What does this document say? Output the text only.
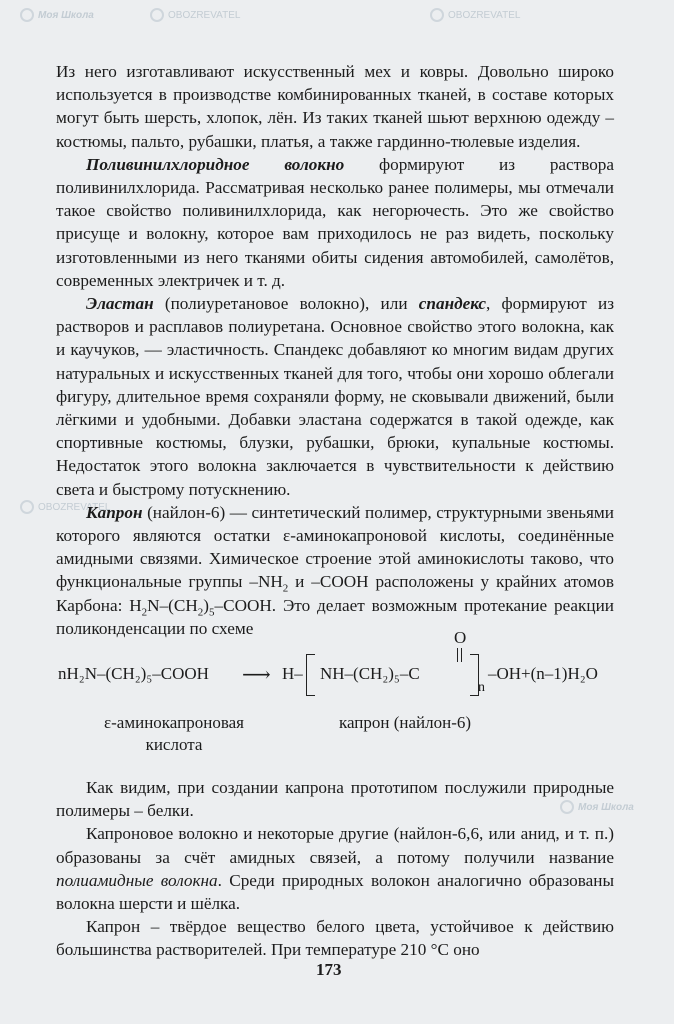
Моя Школа	OBOZREVATEL	OBOZREVATEL
OBOZREVATEL
Моя Школа

Из него изготавливают искусственный мех и ковры. Довольно широко используется в производстве комбинированных тканей, в составе которых могут быть шерсть, хлопок, лён. Из таких тканей шьют верхнюю одежду – костюмы, пальто, рубашки, платья, а также гардинно-тюлевые изделия.

Поливинилхлоридное волокно формируют из раствора поливинилхлорида. Рассматривая несколько ранее полимеры, мы отмечали такое свойство поливинилхлорида, как негорючесть. Это же свойство присуще и волокну, которое вам приходилось не раз видеть, поскольку изготовленными из него тканями обиты сидения автомобилей, самолётов, современных электричек и т. д.

Эластан (полиуретановое волокно), или спандекс, формируют из растворов и расплавов полиуретана. Основное свойство этого волокна, как и каучуков, — эластичность. Спандекс добавляют ко многим видам других натуральных и искусственных тканей для того, чтобы они хорошо облегали фигуру, длительное время сохраняли форму, не сковывали движений, были лёгкими и удобными. Добавки эластана содержатся в такой одежде, как спортивные костюмы, блузки, рубашки, брюки, купальные костюмы. Недостаток этого волокна заключается в чувствительности к действию света и быстрому потускнению.

Капрон (найлон-6) — синтетический полимер, структурными звеньями которого являются остатки ε-аминокапроновой кислоты, соединённые амидными связями. Химическое строение этой аминокислоты таково, что функциональные группы $-NH_2$ и –COOH расположены у крайних атомов Карбона: $H_2N-(CH_2)_5$–COOH. Это делает возможным протекание реакции поликонденсации по схеме

nH₂N–(CH₂)₅–COOH ⟶ H– NH–(CH₂)₅–C
O
n
–OH+(n–1)H₂O
ε-аминокапроновая кислота
капрон (найлон-6)

Как видим, при создании капрона прототипом послужили природные полимеры – белки.

Капроновое волокно и некоторые другие (найлон-6,6, или анид, и т. п.) образованы за счёт амидных связей, а потому получили название полиамидные волокна. Среди природных волокон аналогично образованы волокна шерсти и шёлка.

Капрон – твёрдое вещество белого цвета, устойчивое к действию большинства растворителей. При температуре 210 °С оно

173
